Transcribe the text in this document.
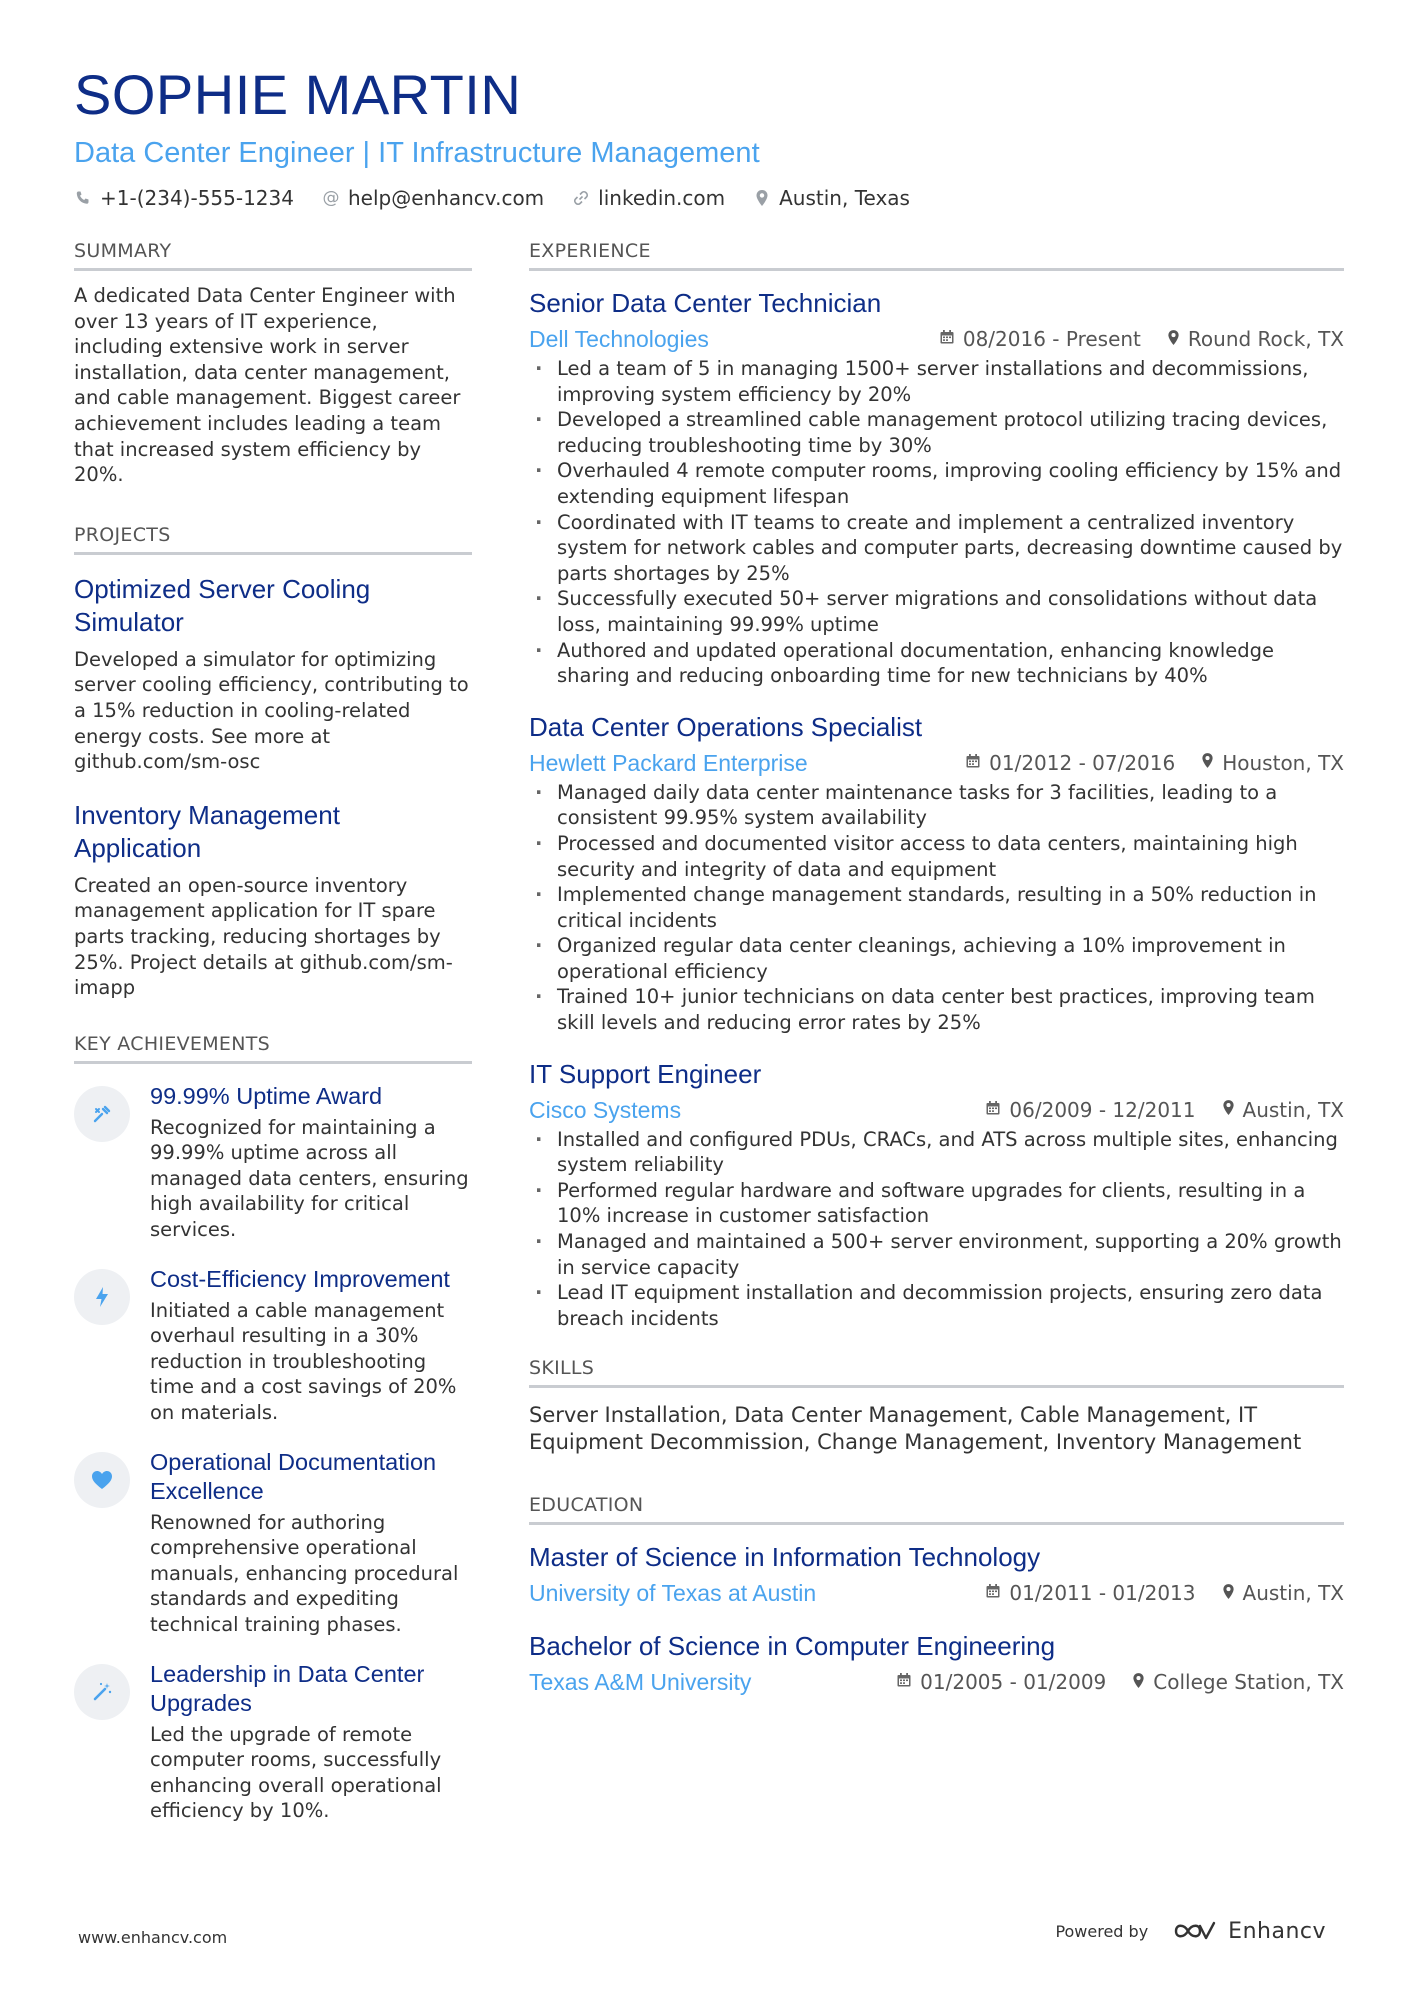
SOPHIE MARTIN
Data Center Engineer | IT Infrastructure Management
+1-(234)-555-1234 @ help@enhancv.com	linkedin.com	Austin, Texas
SUMMARY
A dedicated Data Center Engineer with over 13 years of IT experience, including extensive work in server installation, data center management, and cable management. Biggest career achievement includes leading a team that increased system efficiency by 20%.
PROJECTS
Optimized Server Cooling Simulator
Developed a simulator for optimizing server cooling efficiency, contributing to a 15% reduction in cooling-related energy costs. See more at github.com/sm-osc
Inventory Management Application
Created an open-source inventory management application for IT spare parts tracking, reducing shortages by 25%. Project details at github.com/sm-imapp
KEY ACHIEVEMENTS
99.99% Uptime Award
Recognized for maintaining a 99.99% uptime across all managed data centers, ensuring high availability for critical services.
Cost-Efficiency Improvement
Initiated a cable management overhaul resulting in a 30% reduction in troubleshooting time and a cost savings of 20% on materials.
Operational Documentation Excellence
Renowned for authoring comprehensive operational manuals, enhancing procedural standards and expediting technical training phases.
Leadership in Data Center Upgrades
Led the upgrade of remote computer rooms, successfully enhancing overall operational efficiency by 10%.
EXPERIENCE
Senior Data Center Technician
Dell Technologies	08/2016 - Present Round Rock, TX
· Led a team of 5 in managing 1500+ server installations and decommissions, improving system efficiency by 20%
· Developed a streamlined cable management protocol utilizing tracing devices, reducing troubleshooting time by 30%
· Overhauled 4 remote computer rooms, improving cooling efficiency by 15% and extending equipment lifespan
· Coordinated with IT teams to create and implement a centralized inventory system for network cables and computer parts, decreasing downtime caused by parts shortages by 25%
· Successfully executed 50+ server migrations and consolidations without data loss, maintaining 99.99% uptime
· Authored and updated operational documentation, enhancing knowledge sharing and reducing onboarding time for new technicians by 40%
Data Center Operations Specialist
Hewlett Packard Enterprise	01/2012 - 07/2016 Houston, TX
· Managed daily data center maintenance tasks for 3 facilities, leading to a consistent 99.95% system availability
· Processed and documented visitor access to data centers, maintaining high security and integrity of data and equipment
· Implemented change management standards, resulting in a 50% reduction in critical incidents
· Organized regular data center cleanings, achieving a 10% improvement in operational efficiency
· Trained 10+ junior technicians on data center best practices, improving team skill levels and reducing error rates by 25%
IT Support Engineer
Cisco Systems	06/2009 - 12/2011 Austin, TX
· Installed and configured PDUs, CRACs, and ATS across multiple sites, enhancing system reliability
· Performed regular hardware and software upgrades for clients, resulting in a 10% increase in customer satisfaction
· Managed and maintained a 500+ server environment, supporting a 20% growth in service capacity
· Lead IT equipment installation and decommission projects, ensuring zero data breach incidents
SKILLS
Server Installation, Data Center Management, Cable Management, IT Equipment Decommission, Change Management, Inventory Management
EDUCATION
Master of Science in Information Technology
University of Texas at Austin	01/2011 - 01/2013 Austin, TX
Bachelor of Science in Computer Engineering
Texas A&M University	01/2005 - 01/2009 College Station, TX
www.enhancv.com	Powered by	Enhancv
